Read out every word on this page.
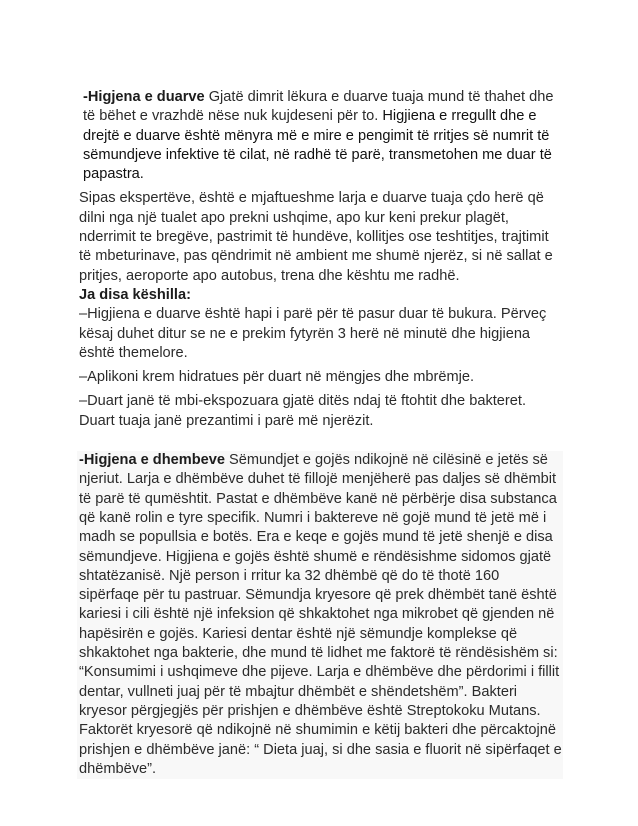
-Higjena e duarve Gjatë dimrit lëkura e duarve tuaja mund të thahet dhe të bëhet e vrazhdë nëse nuk kujdeseni për to. Higjiena e rregullt dhe e drejtë e duarve është mënyra më e mire e pengimit të rritjes së numrit të sëmundjeve infektive të cilat, në radhë të parë, transmetohen me duar të papastra.

Sipas ekspertëve, është e mjaftueshme larja e duarve tuaja çdo herë që dilni nga një tualet apo prekni ushqime, apo kur keni prekur plagët, nderrimit te bregëve, pastrimit të hundëve, kollitjes ose teshtitjes, trajtimit të mbeturinave, pas qëndrimit në ambient me shumë njerëz, si në sallat e pritjes, aeroporte apo autobus, trena dhe kështu me radhë.

Ja disa këshilla:

–Higjiena e duarve është hapi i parë për të pasur duar të bukura. Përveç kësaj duhet ditur se ne e prekim fytyrën 3 herë në minutë dhe higjiena është themelore.

–Aplikoni krem hidratues për duart në mëngjes dhe mbrëmje.

–Duart janë të mbi-ekspozuara gjatë ditës ndaj të ftohtit dhe bakteret. Duart tuaja janë prezantimi i parë më njerëzit.

-Higjena e dhembeve Sëmundjet e gojës ndikojnë në cilësinë e jetës së njeriut. Larja e dhëmbëve duhet të fillojë menjëherë pas daljes së dhëmbit të parë të qumështit. Pastat e dhëmbëve kanë në përbërje disa substanca që kanë rolin e tyre specifik. Numri i baktereve në gojë mund të jetë më i madh se popullsia e botës. Era e keqe e gojës mund të jetë shenjë e disa sëmundjeve. Higjiena e gojës është shumë e rëndësishme sidomos gjatë shtatëzanisë. Një person i rritur ka 32 dhëmbë që do të thotë 160 sipërfaqe për tu pastruar. Sëmundja kryesore që prek dhëmbët tanë është kariesi i cili është një infeksion që shkaktohet nga mikrobet që gjenden në hapësirën e gojës. Kariesi dentar është një sëmundje komplekse që shkaktohet nga bakterie, dhe mund të lidhet me faktorë të rëndësishëm si: “Konsumimi i ushqimeve dhe pijeve. Larja e dhëmbëve dhe përdorimi i fillit dentar, vullneti juaj për të mbajtur dhëmbët e shëndetshëm”. Bakteri kryesor përgjegjës për prishjen e dhëmbëve është Streptokoku Mutans. Faktorët kryesorë që ndikojnë në shumimin e këtij bakteri dhe përcaktojnë prishjen e dhëmbëve janë: “ Dieta juaj, si dhe sasia e fluorit në sipërfaqet e dhëmbëve”.
